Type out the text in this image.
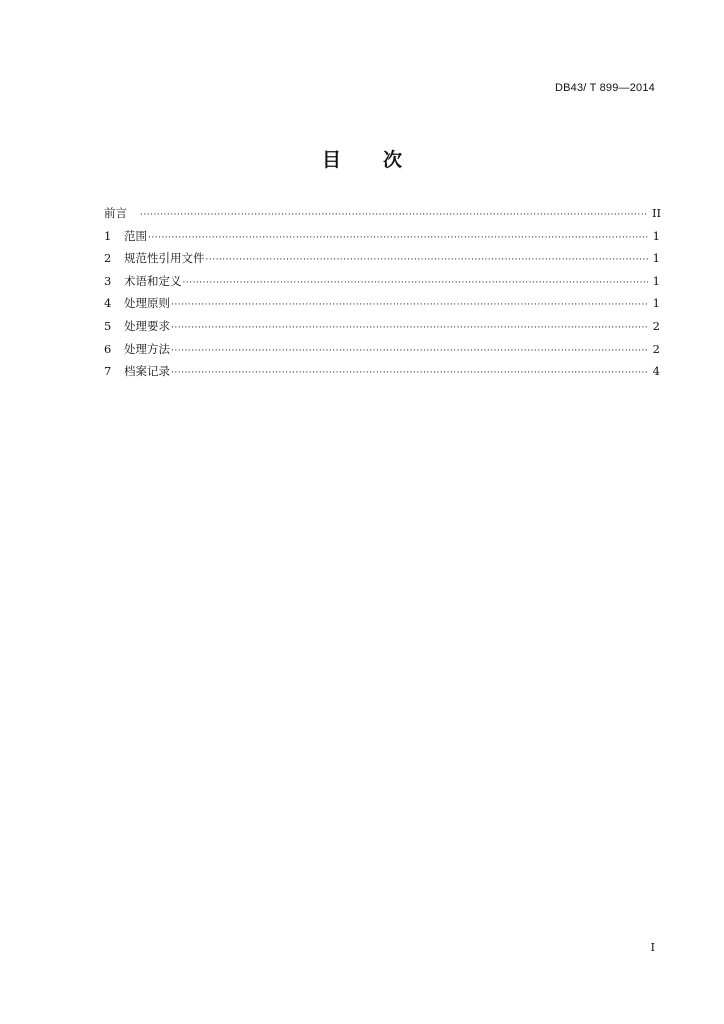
DB43/ T 899—2014
目 次
前言 ·····	II
1	范围 ·····	1
2	规范性引用文件 ·····	1
3	术语和定义 ·····	1
4	处理原则 ·····	1
5	处理要求 ·····	2
6	处理方法 ·····	2
7	档案记录 ·····	4
I
